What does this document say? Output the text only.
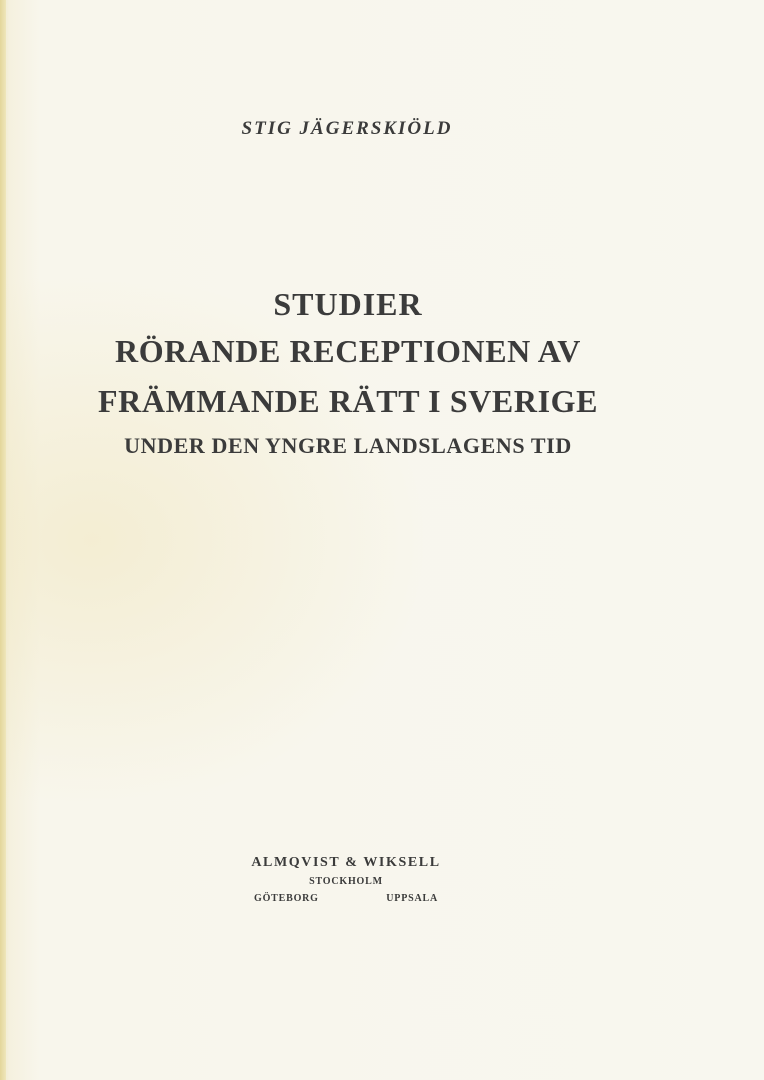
STIG JÄGERSKIÖLD
STUDIER
RÖRANDE RECEPTIONEN AV
FRÄMMANDE RÄTT I SVERIGE
UNDER DEN YNGRE LANDSLAGENS TID
ALMQVIST & WIKSELL
STOCKHOLM
GÖTEBORG	UPPSALA
